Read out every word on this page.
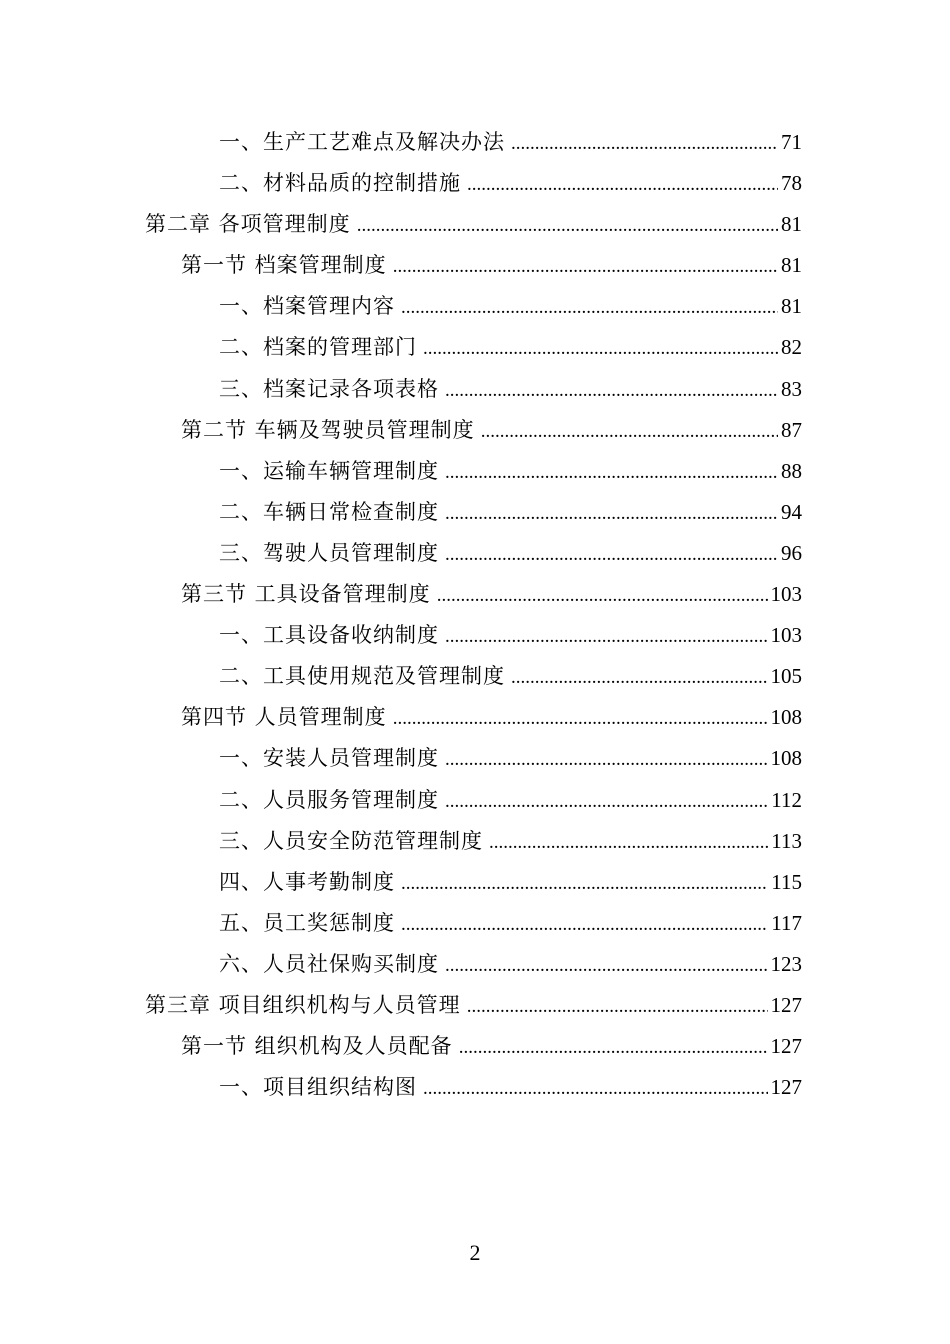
一、生产工艺难点及解决办法 .....	71
二、材料品质的控制措施 .....	78
第二章 各项管理制度 .....	81
第一节 档案管理制度 .....	81
一、档案管理内容 .....	81
二、档案的管理部门 .....	82
三、档案记录各项表格 .....	83
第二节 车辆及驾驶员管理制度 .....	87
一、运输车辆管理制度 .....	88
二、车辆日常检查制度 .....	94
三、驾驶人员管理制度 .....	96
第三节 工具设备管理制度 .....	103
一、工具设备收纳制度 .....	103
二、工具使用规范及管理制度 .....	105
第四节 人员管理制度 .....	108
一、安装人员管理制度 .....	108
二、人员服务管理制度 .....	112
三、人员安全防范管理制度 .....	113
四、人事考勤制度 .....	115
五、员工奖惩制度 .....	117
六、人员社保购买制度 .....	123
第三章 项目组织机构与人员管理 .....	127
第一节 组织机构及人员配备 .....	127
一、项目组织结构图 .....	127
2
